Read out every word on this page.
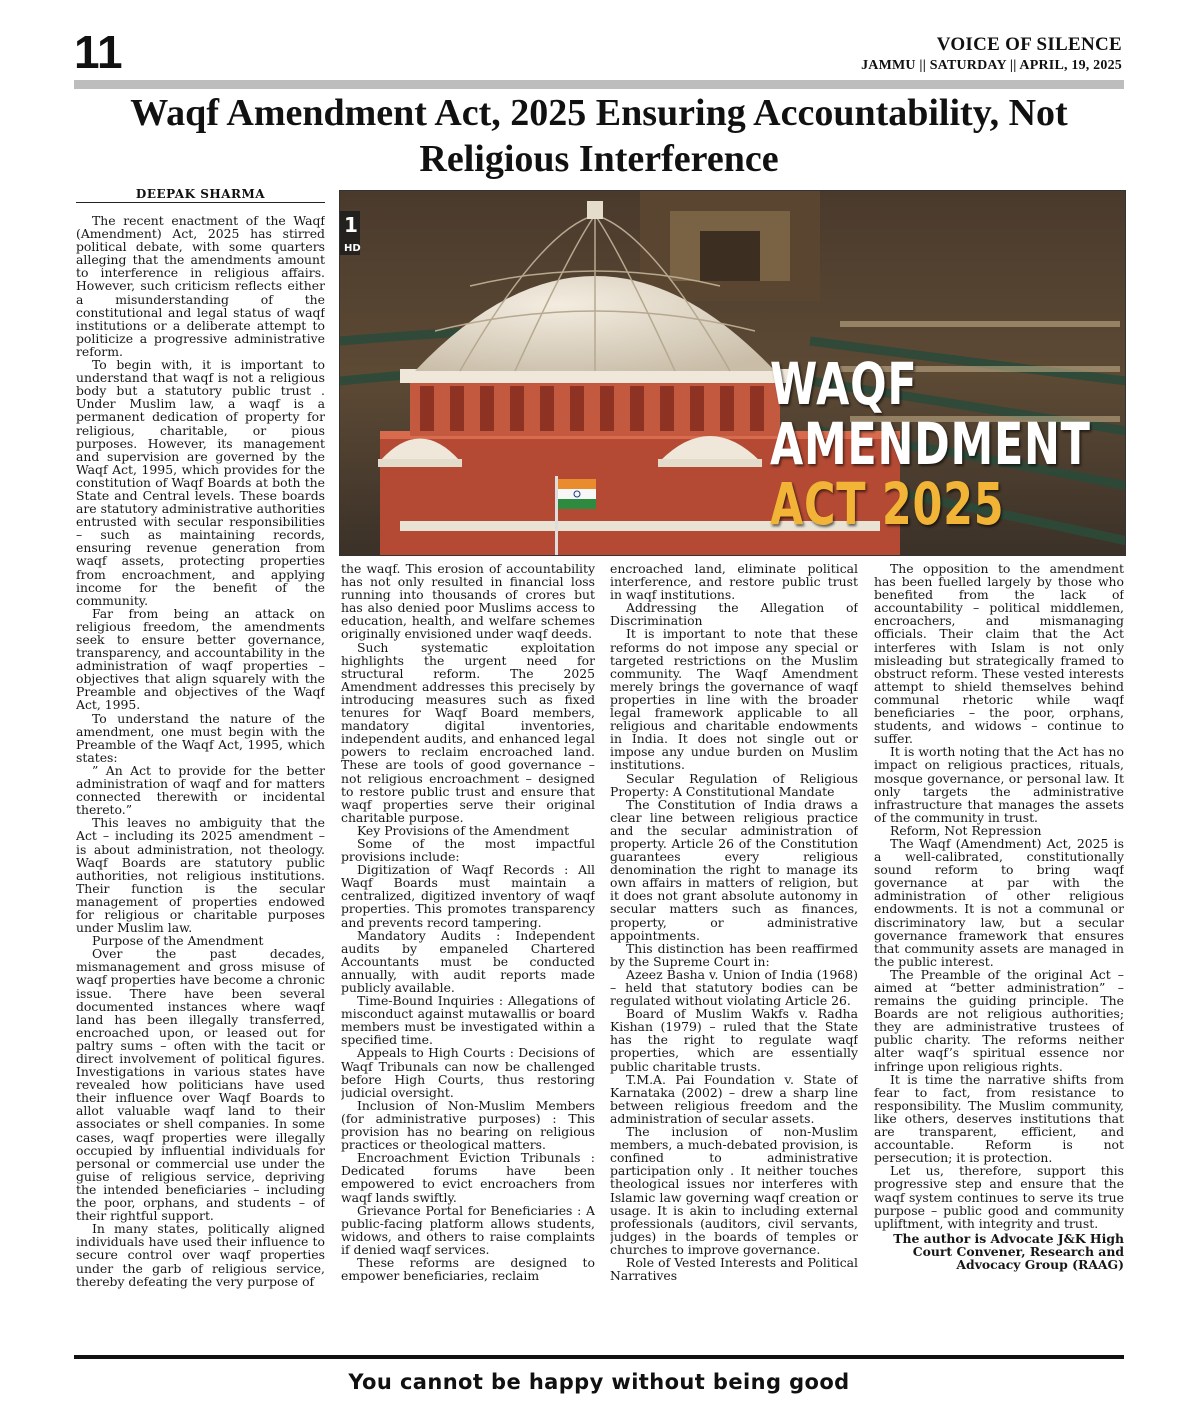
11	VOICE OF SILENCE
JAMMU || SATURDAY || APRIL, 19, 2025
Waqf Amendment Act, 2025 Ensuring Accountability, Not
Religious Interference
DEEPAK SHARMA
1
HD
WAQF
AMENDMENT
ACT 2025

The recent enactment of the Waqf (Amendment) Act, 2025 has stirred political debate, with some quarters alleging that the amendments amount to interference in religious affairs. However, such criticism reflects either a misunderstanding of the constitutional and legal status of waqf institutions or a deliberate attempt to politicize a progressive administrative reform.

To begin with, it is important to understand that waqf is not a religious body but a statutory public trust . Under Muslim law, a waqf is a permanent dedication of property for religious, charitable, or pious purposes. However, its management and supervision are governed by the Waqf Act, 1995, which provides for the constitution of Waqf Boards at both the State and Central levels. These boards are statutory administrative authorities entrusted with secular responsibilities – such as maintaining records, ensuring revenue generation from waqf assets, protecting properties from encroachment, and applying income for the benefit of the community.

Far from being an attack on religious freedom, the amendments seek to ensure better governance, transparency, and accountability in the administration of waqf properties – objectives that align squarely with the Preamble and objectives of the Waqf Act, 1995.

To understand the nature of the amendment, one must begin with the Preamble of the Waqf Act, 1995, which states:

” An Act to provide for the better administration of waqf and for matters connected therewith or incidental thereto.”

This leaves no ambiguity that the Act – including its 2025 amendment – is about administration, not theology. Waqf Boards are statutory public authorities, not religious institutions. Their function is the secular management of properties endowed for religious or charitable purposes under Muslim law.

Purpose of the Amendment

Over the past decades, mismanagement and gross misuse of waqf properties have become a chronic issue. There have been several documented instances where waqf land has been illegally transferred, encroached upon, or leased out for paltry sums – often with the tacit or direct involvement of political figures. Investigations in various states have revealed how politicians have used their influence over Waqf Boards to allot valuable waqf land to their associates or shell companies. In some cases, waqf properties were illegally occupied by influential individuals for personal or commercial use under the guise of religious service, depriving the intended beneficiaries – including the poor, orphans, and students – of their rightful support.

In many states, politically aligned individuals have used their influence to secure control over waqf properties under the garb of religious service, thereby defeating the very purpose of

the waqf. This erosion of accountability has not only resulted in financial loss running into thousands of crores but has also denied poor Muslims access to education, health, and welfare schemes originally envisioned under waqf deeds.

Such systematic exploitation highlights the urgent need for structural reform. The 2025 Amendment addresses this precisely by introducing measures such as fixed tenures for Waqf Board members, mandatory digital inventories, independent audits, and enhanced legal powers to reclaim encroached land. These are tools of good governance – not religious encroachment – designed to restore public trust and ensure that waqf properties serve their original charitable purpose.

Key Provisions of the Amendment

Some of the most impactful provisions include:

Digitization of Waqf Records : All Waqf Boards must maintain a centralized, digitized inventory of waqf properties. This promotes transparency and prevents record tampering.

Mandatory Audits : Independent audits by empaneled Chartered Accountants must be conducted annually, with audit reports made publicly available.

Time-Bound Inquiries : Allegations of misconduct against mutawallis or board members must be investigated within a specified time.

Appeals to High Courts : Decisions of Waqf Tribunals can now be challenged before High Courts, thus restoring judicial oversight.

Inclusion of Non-Muslim Members (for administrative purposes) : This provision has no bearing on religious practices or theological matters.

Encroachment Eviction Tribunals : Dedicated forums have been empowered to evict encroachers from waqf lands swiftly.

Grievance Portal for Beneficiaries : A public-facing platform allows students, widows, and others to raise complaints if denied waqf services.

These reforms are designed to empower beneficiaries, reclaim

encroached land, eliminate political interference, and restore public trust in waqf institutions.

Addressing the Allegation of Discrimination

It is important to note that these reforms do not impose any special or targeted restrictions on the Muslim community. The Waqf Amendment merely brings the governance of waqf properties in line with the broader legal framework applicable to all religious and charitable endowments in India. It does not single out or impose any undue burden on Muslim institutions.

Secular Regulation of Religious Property: A Constitutional Mandate

The Constitution of India draws a clear line between religious practice and the secular administration of property. Article 26 of the Constitution guarantees every religious denomination the right to manage its own affairs in matters of religion, but it does not grant absolute autonomy in secular matters such as finances, property, or administrative appointments.

This distinction has been reaffirmed by the Supreme Court in:

Azeez Basha v. Union of India (1968) – held that statutory bodies can be regulated without violating Article 26.

Board of Muslim Wakfs v. Radha Kishan (1979) – ruled that the State has the right to regulate waqf properties, which are essentially public charitable trusts.

T.M.A. Pai Foundation v. State of Karnataka (2002) – drew a sharp line between religious freedom and the administration of secular assets.

The inclusion of non-Muslim members, a much-debated provision, is confined to administrative participation only . It neither touches theological issues nor interferes with Islamic law governing waqf creation or usage. It is akin to including external professionals (auditors, civil servants, judges) in the boards of temples or churches to improve governance.

Role of Vested Interests and Political Narratives

The opposition to the amendment has been fuelled largely by those who benefited from the lack of accountability – political middlemen, encroachers, and mismanaging officials. Their claim that the Act interferes with Islam is not only misleading but strategically framed to obstruct reform. These vested interests attempt to shield themselves behind communal rhetoric while waqf beneficiaries – the poor, orphans, students, and widows – continue to suffer.

It is worth noting that the Act has no impact on religious practices, rituals, mosque governance, or personal law. It only targets the administrative infrastructure that manages the assets of the community in trust.

Reform, Not Repression

The Waqf (Amendment) Act, 2025 is a well-calibrated, constitutionally sound reform to bring waqf governance at par with the administration of other religious endowments. It is not a communal or discriminatory law, but a secular governance framework that ensures that community assets are managed in the public interest.

The Preamble of the original Act – aimed at “better administration” – remains the guiding principle. The Boards are not religious authorities; they are administrative trustees of public charity. The reforms neither alter waqf’s spiritual essence nor infringe upon religious rights.

It is time the narrative shifts from fear to fact, from resistance to responsibility. The Muslim community, like others, deserves institutions that are transparent, efficient, and accountable. Reform is not persecution; it is protection.

Let us, therefore, support this progressive step and ensure that the waqf system continues to serve its true purpose – public good and community upliftment, with integrity and trust.

The author is Advocate J&K High Court Convener, Research and Advocacy Group (RAAG)

You cannot be happy without being good
